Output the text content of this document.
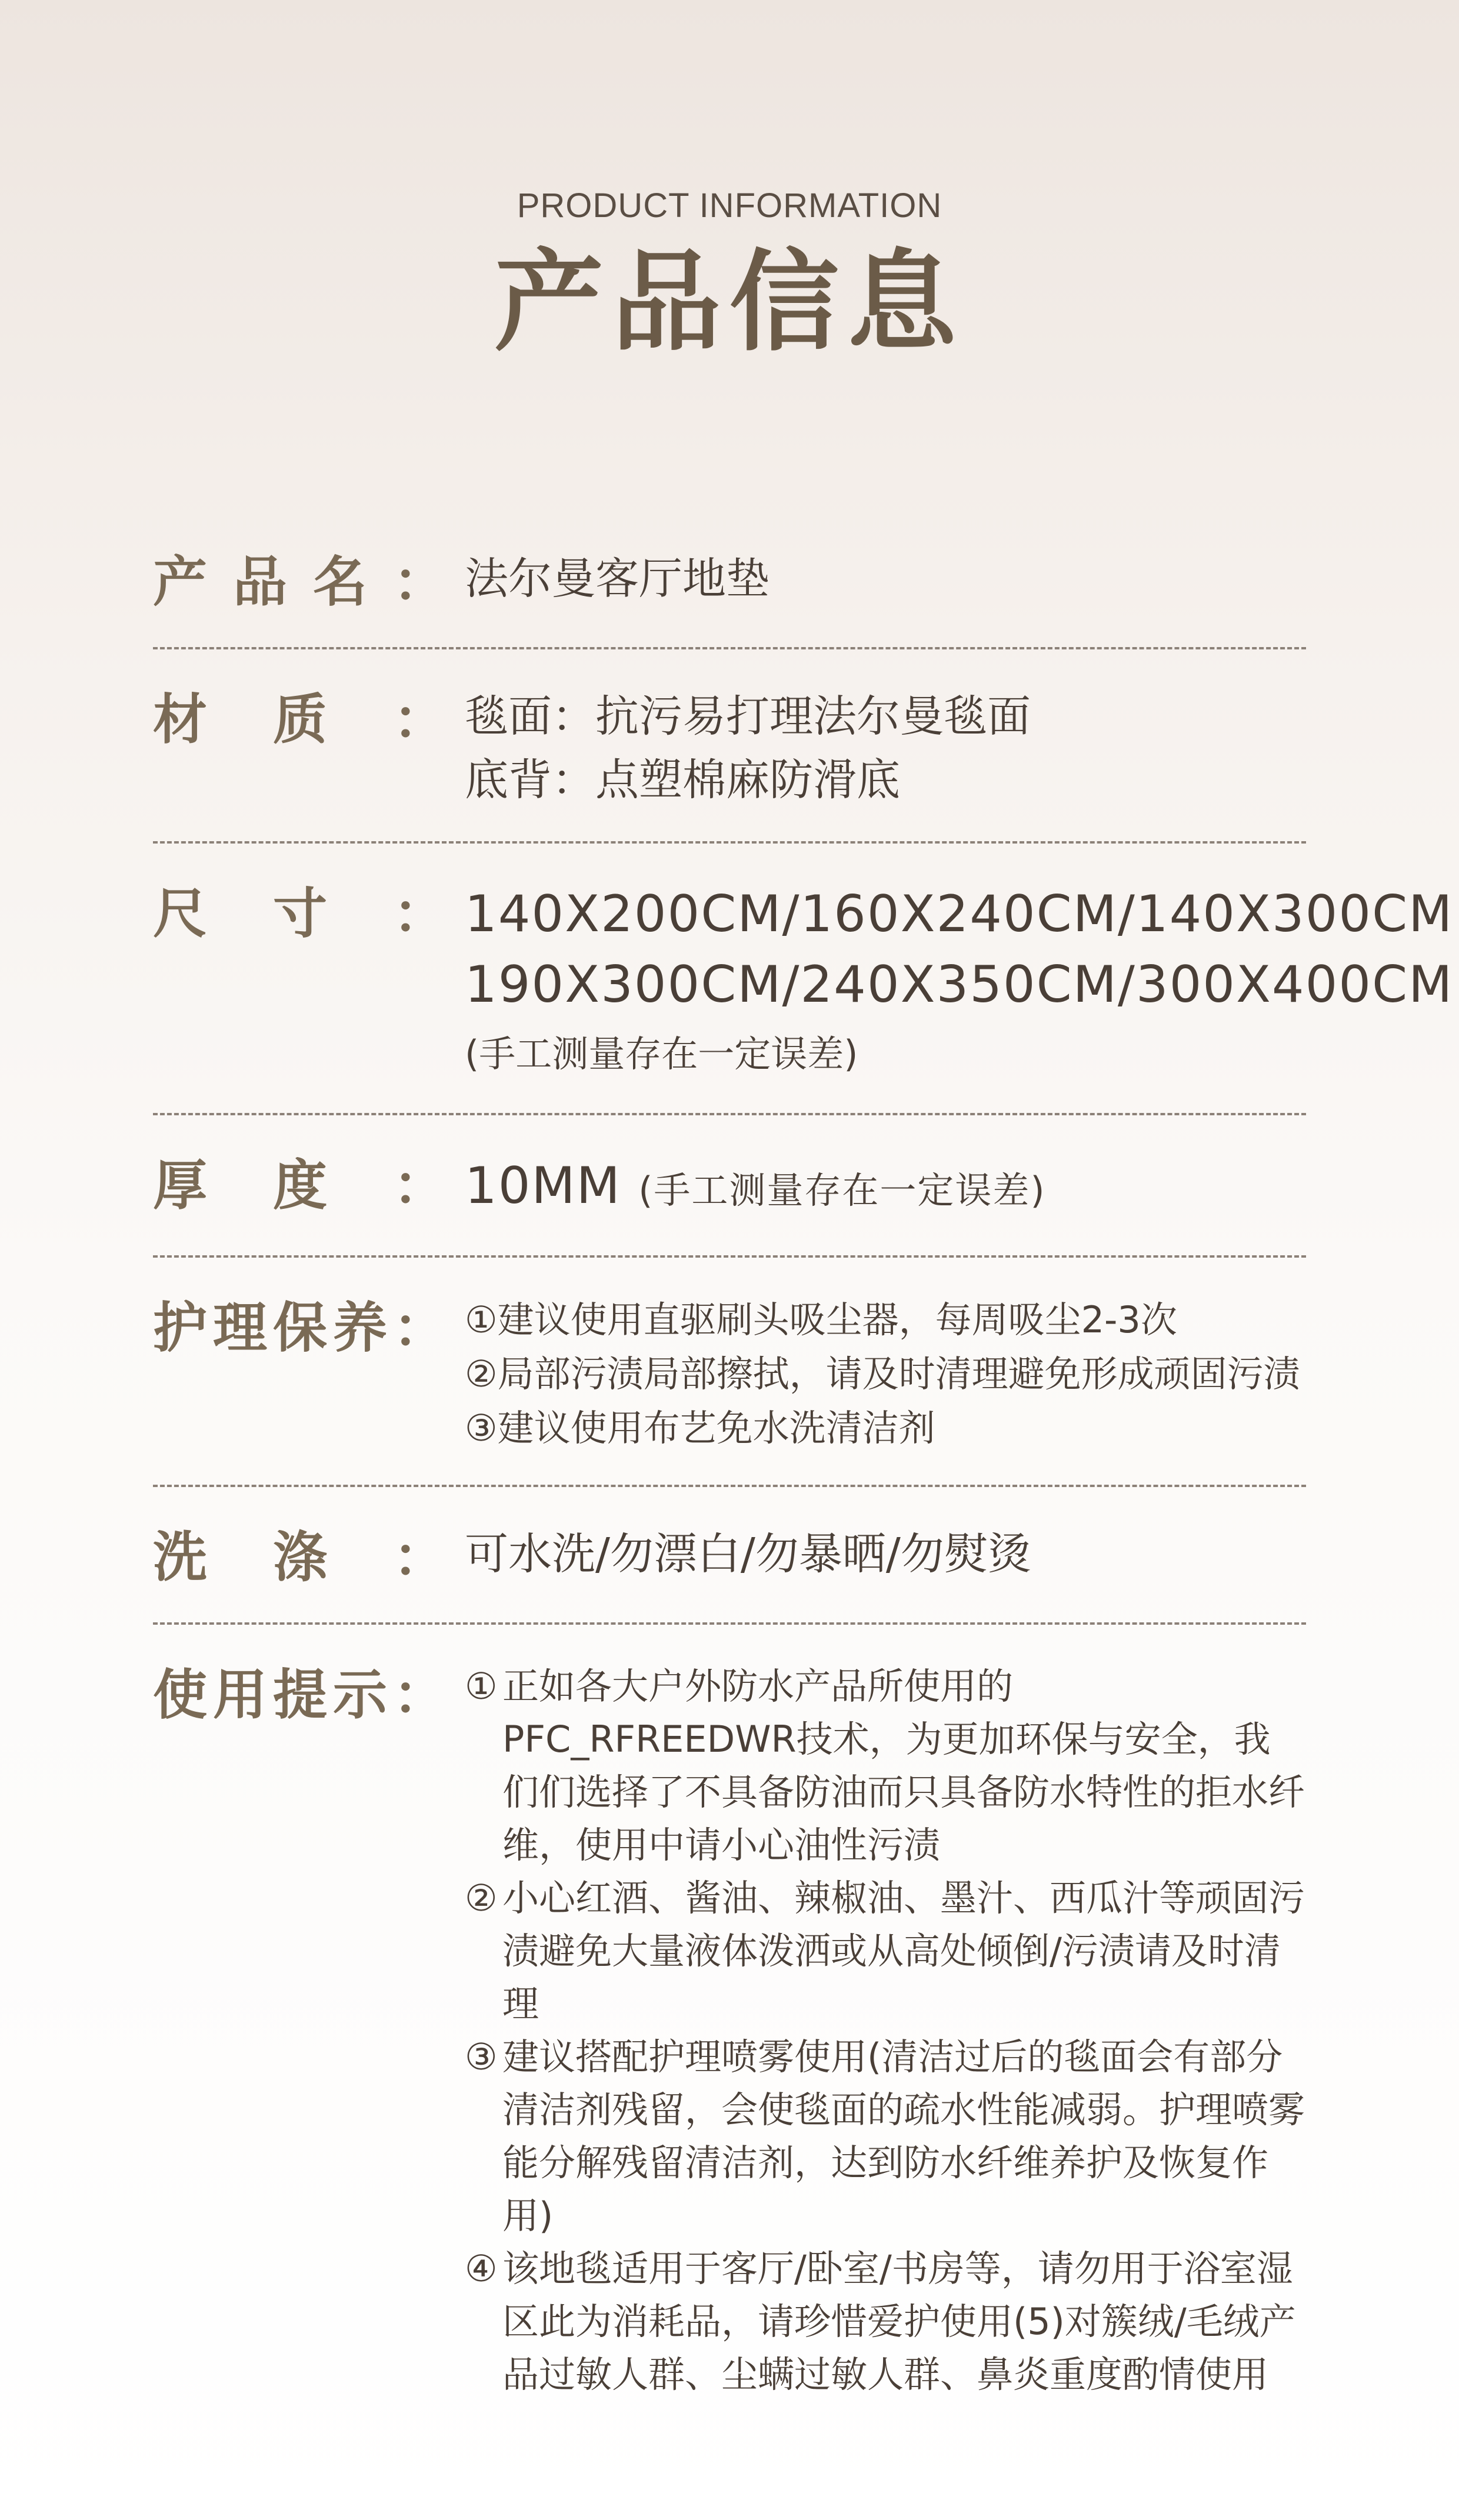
PRODUCT INFORMATION
产品信息
产 品 名 ： 法尔曼客厅地垫
材 质 ： 毯面：抗污易打理法尔曼毯面
底背：点塑棉麻防滑底
尺 寸 ： 140X200CM/160X240CM/140X300CM
190X300CM/240X350CM/300X400CM
(手工测量存在一定误差)
厚 度 ： 10MM (手工测量存在一定误差)
护 理 保 养 ： ①建议使用直驱刷头吸尘器，每周吸尘2-3次
②局部污渍局部擦拭，请及时清理避免形成顽固污渍
③建议使用布艺免水洗清洁剂
洗 涤 ： 可水洗/勿漂白/勿暴晒/勿熨烫
使 用 提 示 ： ① 正如各大户外防水产品所使用的PFC_RFREEDWR技术，为更加环保与安全，我们们选择了不具备防油而只具备防水特性的拒水纤维，使用中请小心油性污渍
② 小心红酒、酱油、辣椒油、墨汁、西瓜汁等顽固污渍避免大量液体泼洒或从高处倾倒/污渍请及时清理
③ 建议搭配护理喷雾使用(清洁过后的毯面会有部分清洁剂残留，会使毯面的疏水性能减弱。护理喷雾能分解残留清洁剂，达到防水纤维养护及恢复作用)
④ 该地毯适用于客厅/卧室/书房等，请勿用于浴室湿区此为消耗品，请珍惜爱护使用(5)对簇绒/毛绒产品过敏人群、尘螨过敏人群、鼻炎重度酌情使用
